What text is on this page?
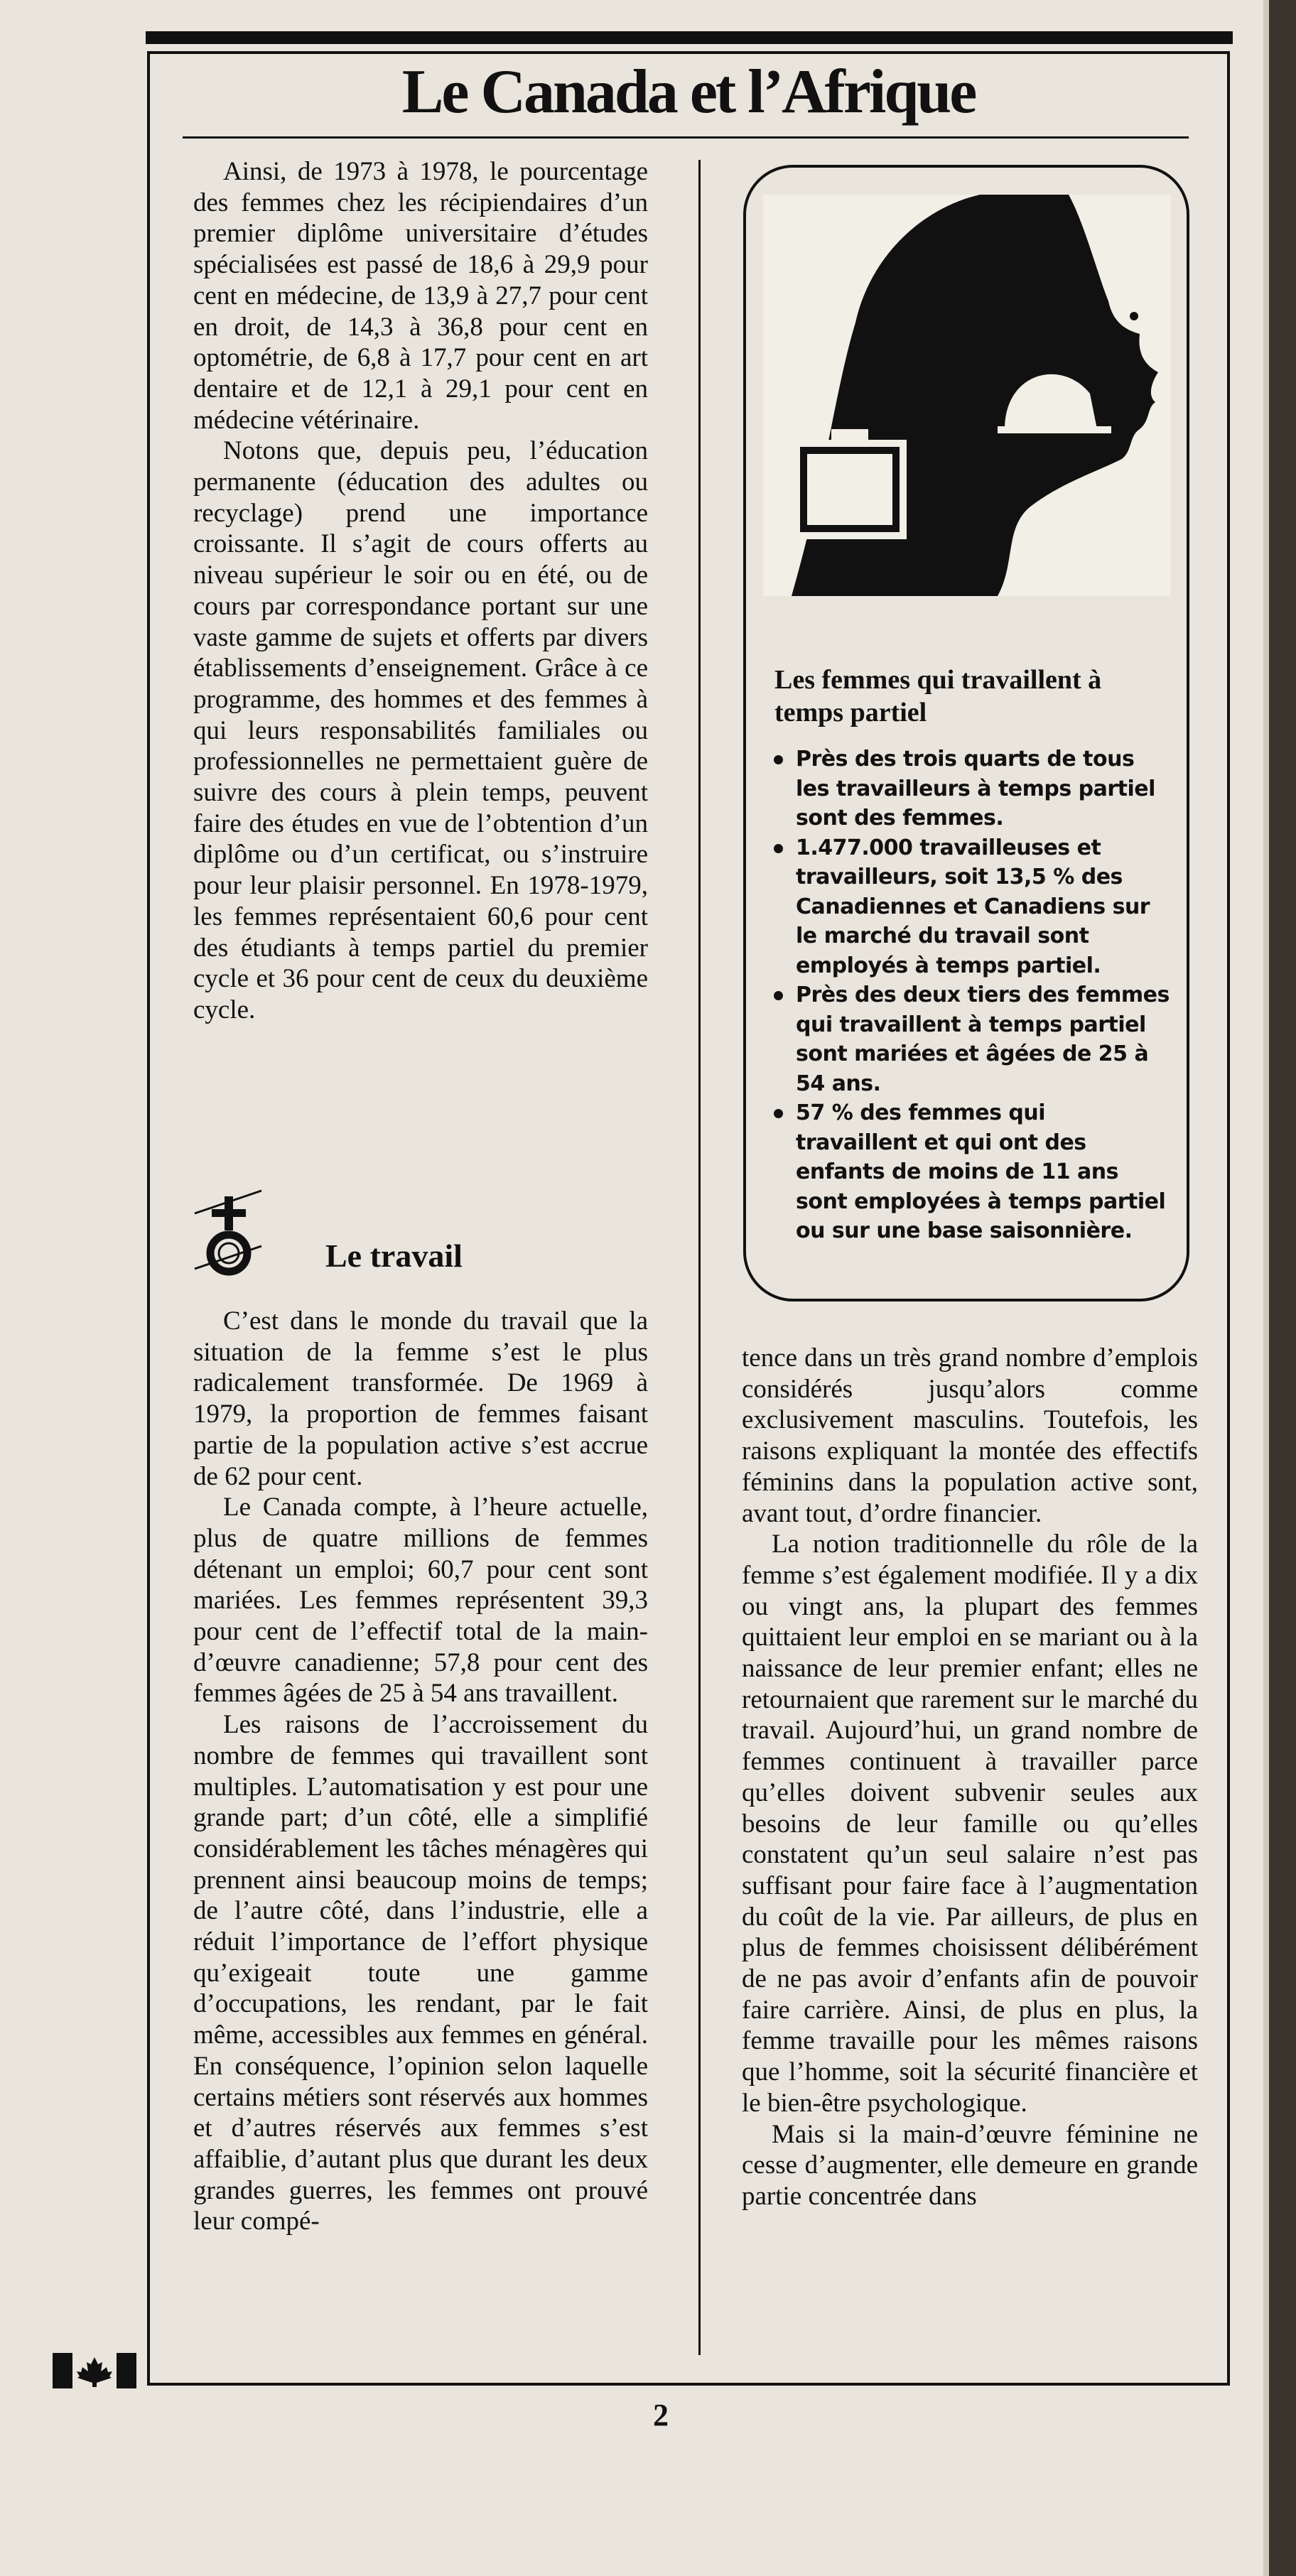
Le Canada et l’Afrique

Ainsi, de 1973 à 1978, le pourcentage des femmes chez les récipiendaires d’un premier diplôme universitaire d’études spécialisées est passé de 18,6 à 29,9 pour cent en médecine, de 13,9 à 27,7 pour cent en droit, de 14,3 à 36,8 pour cent en optométrie, de 6,8 à 17,7 pour cent en art dentaire et de 12,1 à 29,1 pour cent en médecine vétérinaire.

Notons que, depuis peu, l’éducation permanente (éducation des adultes ou recyclage) prend une importance croissante. Il s’agit de cours offerts au niveau supérieur le soir ou en été, ou de cours par correspondance portant sur une vaste gamme de sujets et offerts par divers établissements d’enseignement. Grâce à ce programme, des hommes et des femmes à qui leurs responsabilités familiales ou professionnelles ne permettaient guère de suivre des cours à plein temps, peuvent faire des études en vue de l’obtention d’un diplôme ou d’un certificat, ou s’instruire pour leur plaisir personnel. En 1978-1979, les femmes représentaient 60,6 pour cent des étudiants à temps partiel du premier cycle et 36 pour cent de ceux du deuxième cycle.

Le travail

C’est dans le monde du travail que la situation de la femme s’est le plus radicalement transformée. De 1969 à 1979, la proportion de femmes faisant partie de la population active s’est accrue de 62 pour cent.

Le Canada compte, à l’heure actuelle, plus de quatre millions de femmes détenant un emploi; 60,7 pour cent sont mariées. Les femmes représentent 39,3 pour cent de l’effectif total de la main-d’œuvre canadienne; 57,8 pour cent des femmes âgées de 25 à 54 ans travaillent.

Les raisons de l’accroissement du nombre de femmes qui travaillent sont multiples. L’automatisation y est pour une grande part; d’un côté, elle a simplifié considérablement les tâches ménagères qui prennent ainsi beaucoup moins de temps; de l’autre côté, dans l’industrie, elle a réduit l’importance de l’effort physique qu’exigeait toute une gamme d’occupations, les rendant, par le fait même, accessibles aux femmes en général. En conséquence, l’opinion selon laquelle certains métiers sont réservés aux hommes et d’autres réservés aux femmes s’est affaiblie, d’autant plus que durant les deux grandes guerres, les femmes ont prouvé leur compé-

Les femmes qui travaillent à temps partiel

Près des trois quarts de tous les travailleurs à temps partiel sont des femmes.
1.477.000 travailleuses et travailleurs, soit 13,5 % des Canadiennes et Canadiens sur le marché du travail sont employés à temps partiel.
Près des deux tiers des femmes qui travaillent à temps partiel sont mariées et âgées de 25 à 54 ans.
57 % des femmes qui travaillent et qui ont des enfants de moins de 11 ans sont employées à temps partiel ou sur une base saisonnière.

tence dans un très grand nombre d’emplois considérés jusqu’alors comme exclusivement masculins. Toutefois, les raisons expliquant la montée des effectifs féminins dans la population active sont, avant tout, d’ordre financier.

La notion traditionnelle du rôle de la femme s’est également modifiée. Il y a dix ou vingt ans, la plupart des femmes quittaient leur emploi en se mariant ou à la naissance de leur premier enfant; elles ne retournaient que rarement sur le marché du travail. Aujourd’hui, un grand nombre de femmes continuent à travailler parce qu’elles doivent subvenir seules aux besoins de leur famille ou qu’elles constatent qu’un seul salaire n’est pas suffisant pour faire face à l’augmentation du coût de la vie. Par ailleurs, de plus en plus de femmes choisissent délibérément de ne pas avoir d’enfants afin de pouvoir faire carrière. Ainsi, de plus en plus, la femme travaille pour les mêmes raisons que l’homme, soit la sécurité financière et le bien-être psychologique.

Mais si la main-d’œuvre féminine ne cesse d’augmenter, elle demeure en grande partie concentrée dans

2
